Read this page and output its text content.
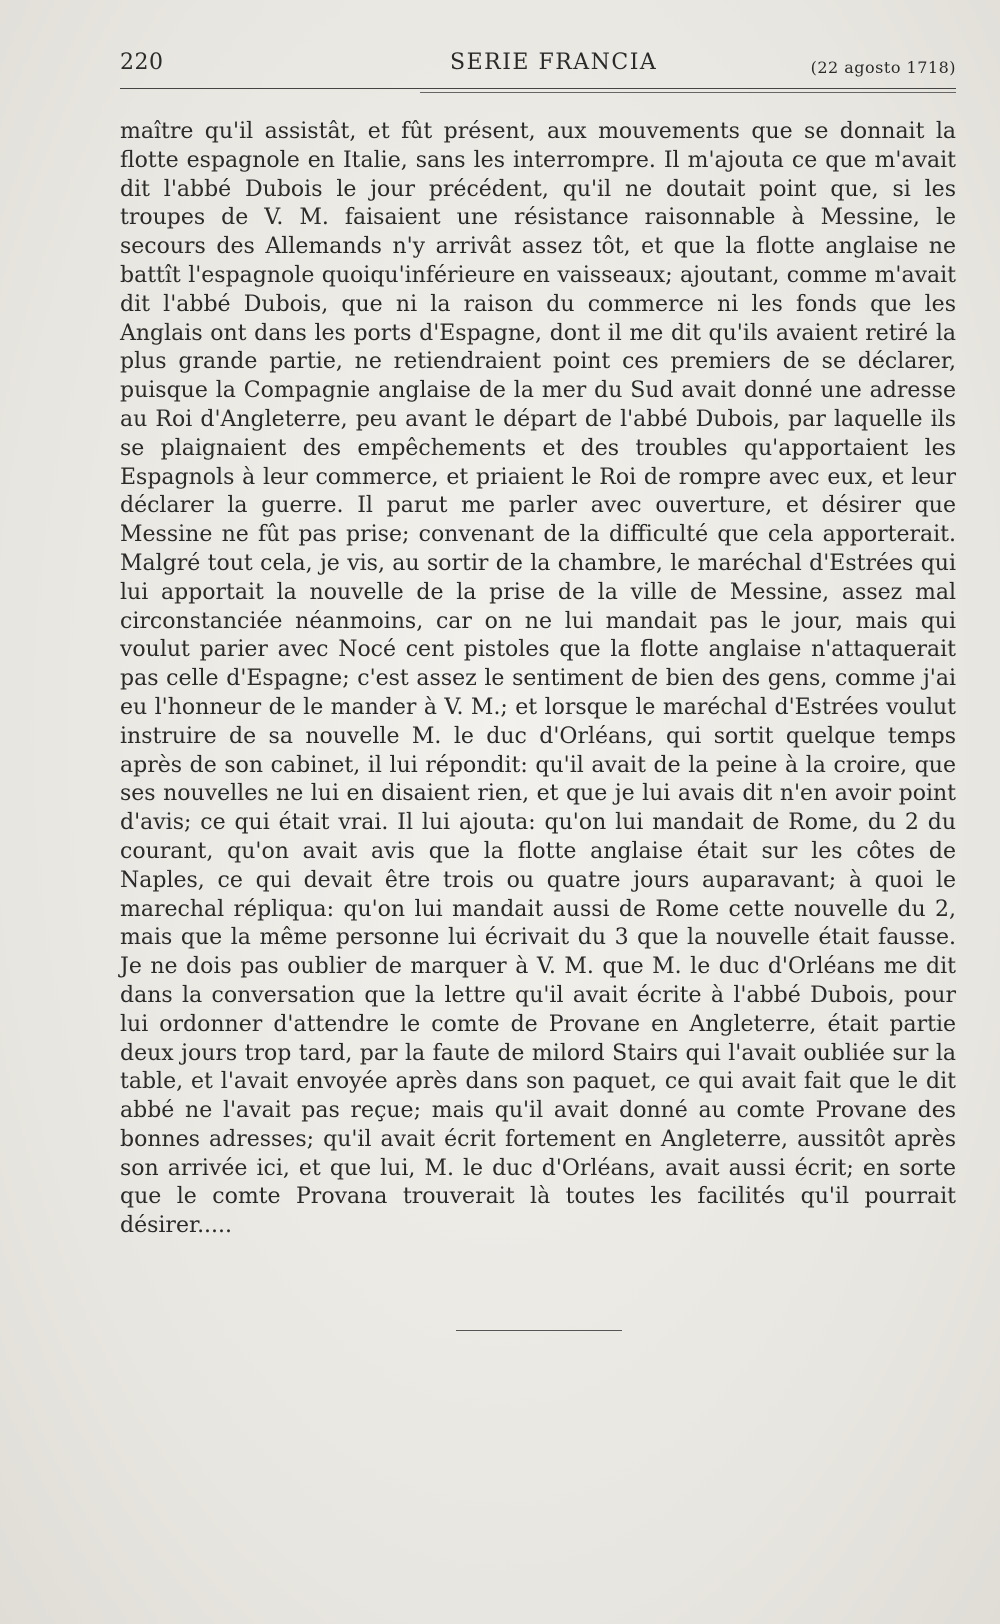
220	SERIE FRANCIA	(22 agosto 1718)

maître qu'il assistât, et fût présent, aux mouvements que se donnait la flotte espagnole en Italie, sans les interrompre. Il m'ajouta ce que m'avait dit l'abbé Dubois le jour précédent, qu'il ne doutait point que, si les troupes de V. M. faisaient une résistance raisonnable à Messine, le secours des Allemands n'y arrivât assez tôt, et que la flotte anglaise ne battît l'espagnole quoiqu'inférieure en vaisseaux; ajoutant, comme m'avait dit l'abbé Dubois, que ni la raison du commerce ni les fonds que les Anglais ont dans les ports d'Espagne, dont il me dit qu'ils avaient retiré la plus grande partie, ne retiendraient point ces premiers de se déclarer, puisque la Compagnie anglaise de la mer du Sud avait donné une adresse au Roi d'Angleterre, peu avant le départ de l'abbé Dubois, par laquelle ils se plaignaient des empêchements et des troubles qu'apportaient les Espagnols à leur commerce, et priaient le Roi de rompre avec eux, et leur déclarer la guerre. Il parut me parler avec ouverture, et désirer que Messine ne fût pas prise; convenant de la difficulté que cela apporterait. Malgré tout cela, je vis, au sortir de la chambre, le maréchal d'Estrées qui lui apportait la nouvelle de la prise de la ville de Messine, assez mal circonstanciée néanmoins, car on ne lui mandait pas le jour, mais qui voulut parier avec Nocé cent pistoles que la flotte anglaise n'attaquerait pas celle d'Espagne; c'est assez le sentiment de bien des gens, comme j'ai eu l'honneur de le mander à V. M.; et lorsque le maréchal d'Estrées voulut instruire de sa nouvelle M. le duc d'Orléans, qui sortit quelque temps après de son cabinet, il lui répondit: qu'il avait de la peine à la croire, que ses nouvelles ne lui en disaient rien, et que je lui avais dit n'en avoir point d'avis; ce qui était vrai. Il lui ajouta: qu'on lui mandait de Rome, du 2 du courant, qu'on avait avis que la flotte anglaise était sur les côtes de Naples, ce qui devait être trois ou quatre jours auparavant; à quoi le marechal répliqua: qu'on lui mandait aussi de Rome cette nouvelle du 2, mais que la même personne lui écrivait du 3 que la nouvelle était fausse. Je ne dois pas oublier de marquer à V. M. que M. le duc d'Orléans me dit dans la conversation que la lettre qu'il avait écrite à l'abbé Dubois, pour lui ordonner d'attendre le comte de Provane en Angleterre, était partie deux jours trop tard, par la faute de milord Stairs qui l'avait oubliée sur la table, et l'avait envoyée après dans son paquet, ce qui avait fait que le dit abbé ne l'avait pas reçue; mais qu'il avait donné au comte Provane des bonnes adresses; qu'il avait écrit fortement en Angleterre, aussitôt après son arrivée ici, et que lui, M. le duc d'Orléans, avait aussi écrit; en sorte que le comte Provana trouverait là toutes les facilités qu'il pourrait désirer.....
